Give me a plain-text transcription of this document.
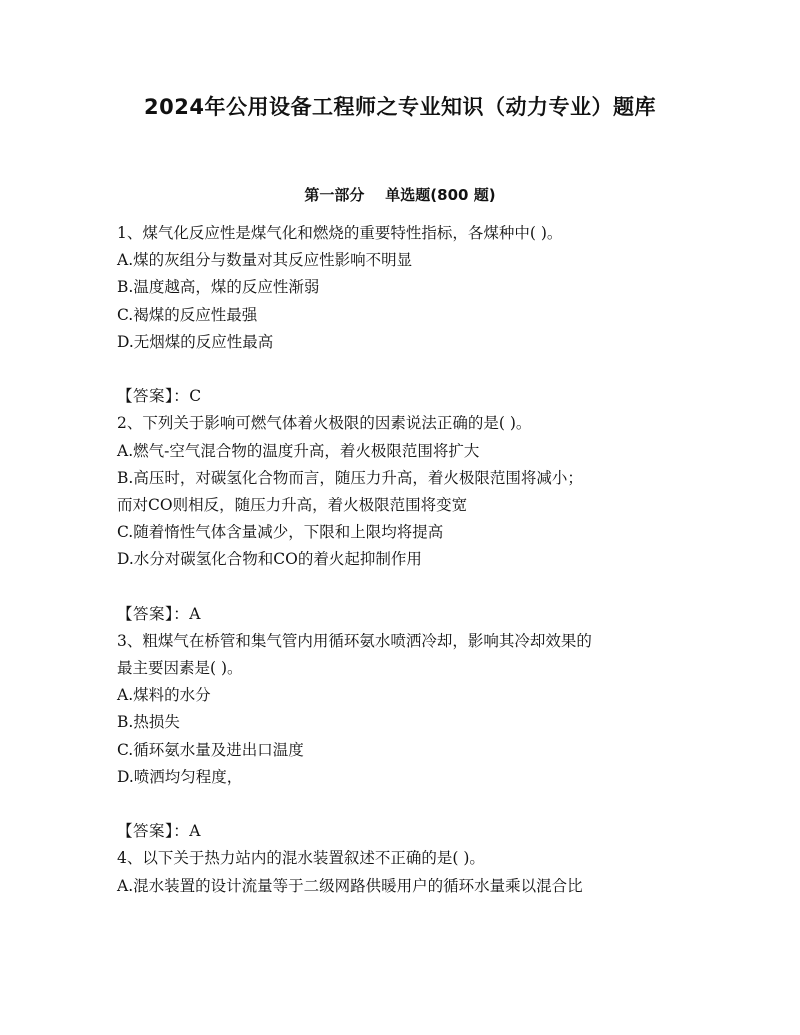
2024年公用设备工程师之专业知识（动力专业）题库
第一部分    单选题(800 题)
1、煤气化反应性是煤气化和燃烧的重要特性指标，各煤种中( )。
A.煤的灰组分与数量对其反应性影响不明显
B.温度越高，煤的反应性渐弱
C.褐煤的反应性最强
D.无烟煤的反应性最高
【答案】：C
2、下列关于影响可燃气体着火极限的因素说法正确的是( )。
A.燃气-空气混合物的温度升高，着火极限范围将扩大
B.高压时，对碳氢化合物而言，随压力升高，着火极限范围将减小；
而对CO则相反，随压力升高，着火极限范围将变宽
C.随着惰性气体含量减少，下限和上限均将提高
D.水分对碳氢化合物和CO的着火起抑制作用
【答案】：A
3、粗煤气在桥管和集气管内用循环氨水喷洒冷却，影响其冷却效果的
最主要因素是( )。
A.煤料的水分
B.热损失
C.循环氨水量及进出口温度
D.喷洒均匀程度，
【答案】：A
4、以下关于热力站内的混水装置叙述不正确的是( )。
A.混水装置的设计流量等于二级网路供暖用户的循环水量乘以混合比
